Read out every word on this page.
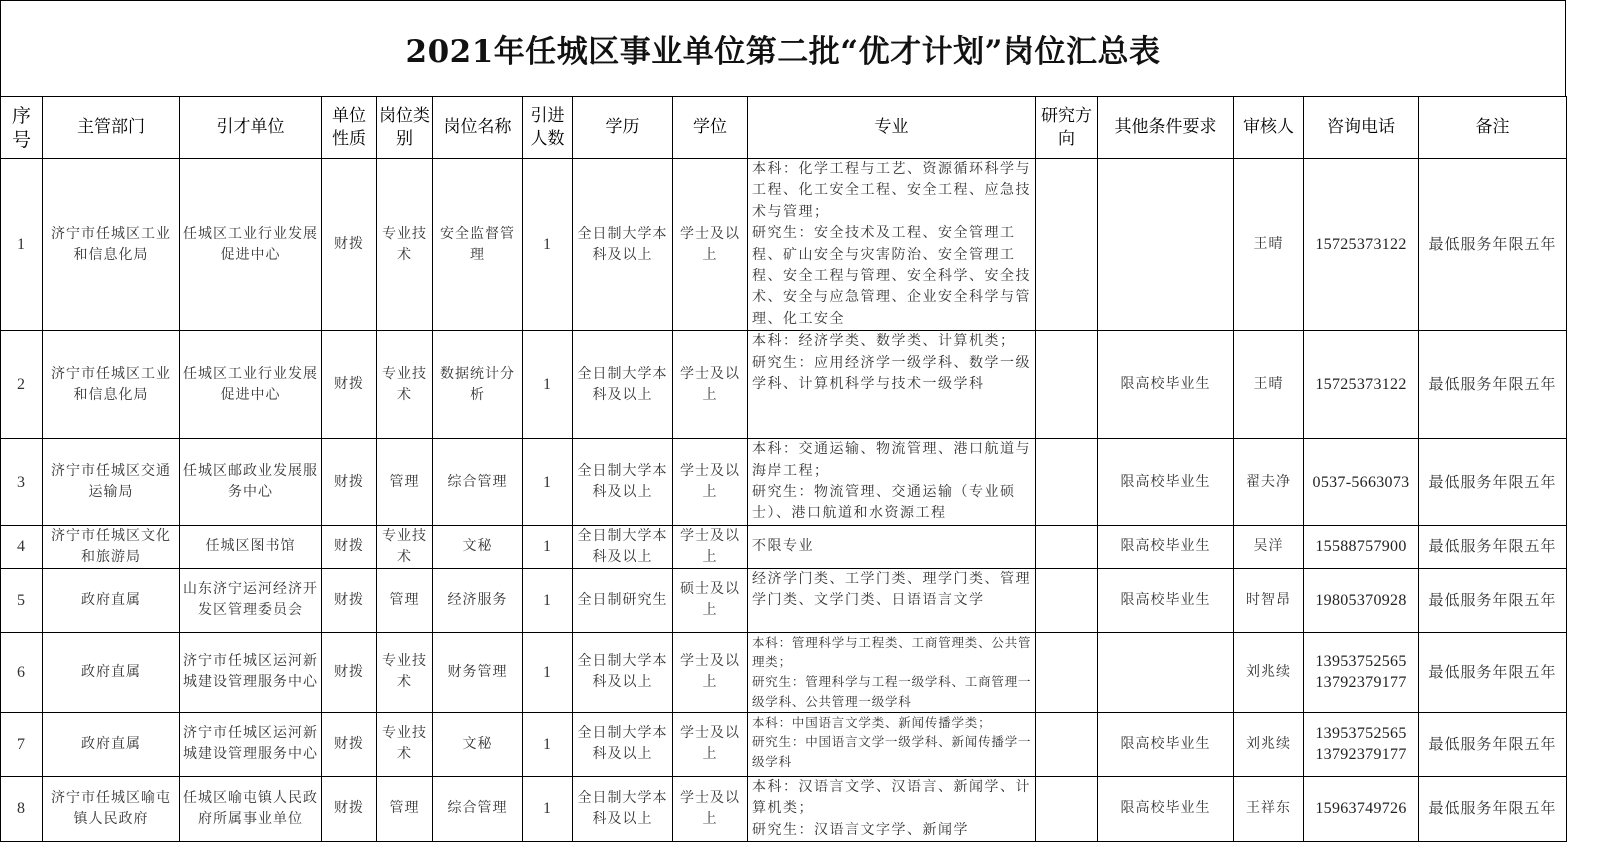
2021年任城区事业单位第二批“优才计划”岗位汇总表
序号	主管部门	引才单位	单位性质	岗位类别	岗位名称	引进人数	学历	学位	专业	研究方向	其他条件要求	审核人	咨询电话	备注
1	济宁市任城区工业和信息化局	任城区工业行业发展促进中心	财拨	专业技术	安全监督管理	1	全日制大学本科及以上	学士及以上	本科：化学工程与工艺、资源循环科学与工程、化工安全工程、安全工程、应急技术与管理；
研究生：安全技术及工程、安全管理工程、矿山安全与灾害防治、安全管理工程、安全工程与管理、安全科学、安全技术、安全与应急管理、企业安全科学与管理、化工安全			王晴	15725373122	最低服务年限五年
2	济宁市任城区工业和信息化局	任城区工业行业发展促进中心	财拨	专业技术	数据统计分析	1	全日制大学本科及以上	学士及以上	本科：经济学类、数学类、计算机类；
研究生：应用经济学一级学科、数学一级学科、计算机科学与技术一级学科		限高校毕业生	王晴	15725373122	最低服务年限五年
3	济宁市任城区交通运输局	任城区邮政业发展服务中心	财拨	管理	综合管理	1	全日制大学本科及以上	学士及以上	本科：交通运输、物流管理、港口航道与海岸工程；
研究生：物流管理、交通运输（专业硕士）、港口航道和水资源工程		限高校毕业生	翟夫净	0537-5663073	最低服务年限五年
4	济宁市任城区文化和旅游局	任城区图书馆	财拨	专业技术	文秘	1	全日制大学本科及以上	学士及以上	不限专业		限高校毕业生	吴洋	15588757900	最低服务年限五年
5	政府直属	山东济宁运河经济开发区管理委员会	财拨	管理	经济服务	1	全日制研究生	硕士及以上	经济学门类、工学门类、理学门类、管理学门类、文学门类、日语语言文学		限高校毕业生	时智昂	19805370928	最低服务年限五年
6	政府直属	济宁市任城区运河新城建设管理服务中心	财拨	专业技术	财务管理	1	全日制大学本科及以上	学士及以上	本科：管理科学与工程类、工商管理类、公共管理类；
研究生：管理科学与工程一级学科、工商管理一级学科、公共管理一级学科			刘兆续	13953752565
13792379177	最低服务年限五年
7	政府直属	济宁市任城区运河新城建设管理服务中心	财拨	专业技术	文秘	1	全日制大学本科及以上	学士及以上	本科：中国语言文学类、新闻传播学类；
研究生：中国语言文学一级学科、新闻传播学一级学科		限高校毕业生	刘兆续	13953752565
13792379177	最低服务年限五年
8	济宁市任城区喻屯镇人民政府	任城区喻屯镇人民政府所属事业单位	财拨	管理	综合管理	1	全日制大学本科及以上	学士及以上	本科：汉语言文学、汉语言、新闻学、计算机类；
研究生：汉语言文字学、新闻学		限高校毕业生	王祥东	15963749726	最低服务年限五年
